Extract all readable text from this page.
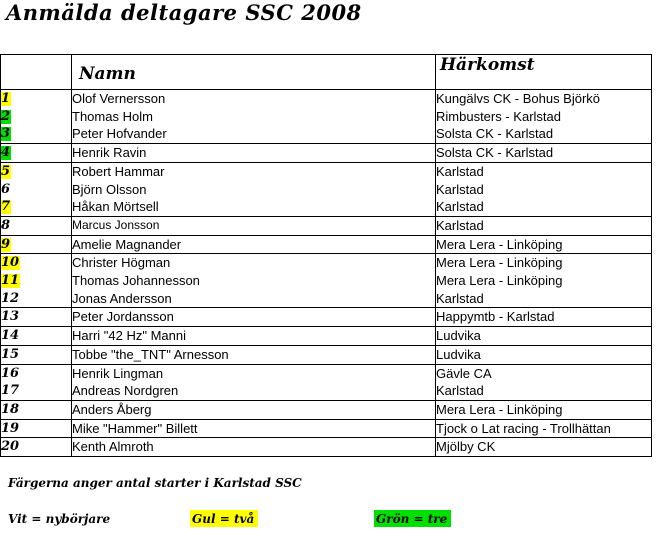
Anmälda deltagare SSC 2008
	Namn	Härkomst
1	Olof Vernersson	Kungälvs CK - Bohus Björkö
2	Thomas Holm	Rimbusters - Karlstad
3	Peter Hofvander	Solsta CK - Karlstad
4	Henrik Ravin	Solsta CK - Karlstad
5	Robert Hammar	Karlstad
6	Björn Olsson	Karlstad
7	Håkan Mörtsell	Karlstad
8	Marcus Jonsson	Karlstad
9	Amelie Magnander	Mera Lera - Linköping
10	Christer Högman	Mera Lera - Linköping
11	Thomas Johannesson	Mera Lera - Linköping
12	Jonas Andersson	Karlstad
13	Peter Jordansson	Happymtb - Karlstad
14	Harri "42 Hz" Manni	Ludvika
15	Tobbe "the_TNT" Arnesson	Ludvika
16	Henrik Lingman	Gävle CA
17	Andreas Nordgren	Karlstad
18	Anders Åberg	Mera Lera - Linköping
19	Mike "Hammer" Billett	Tjock o Lat racing - Trollhättan
20	Kenth Almroth	Mjölby CK
Färgerna anger antal starter i Karlstad SSC
Vit = nybörjare	Gul = två	Grön = tre
